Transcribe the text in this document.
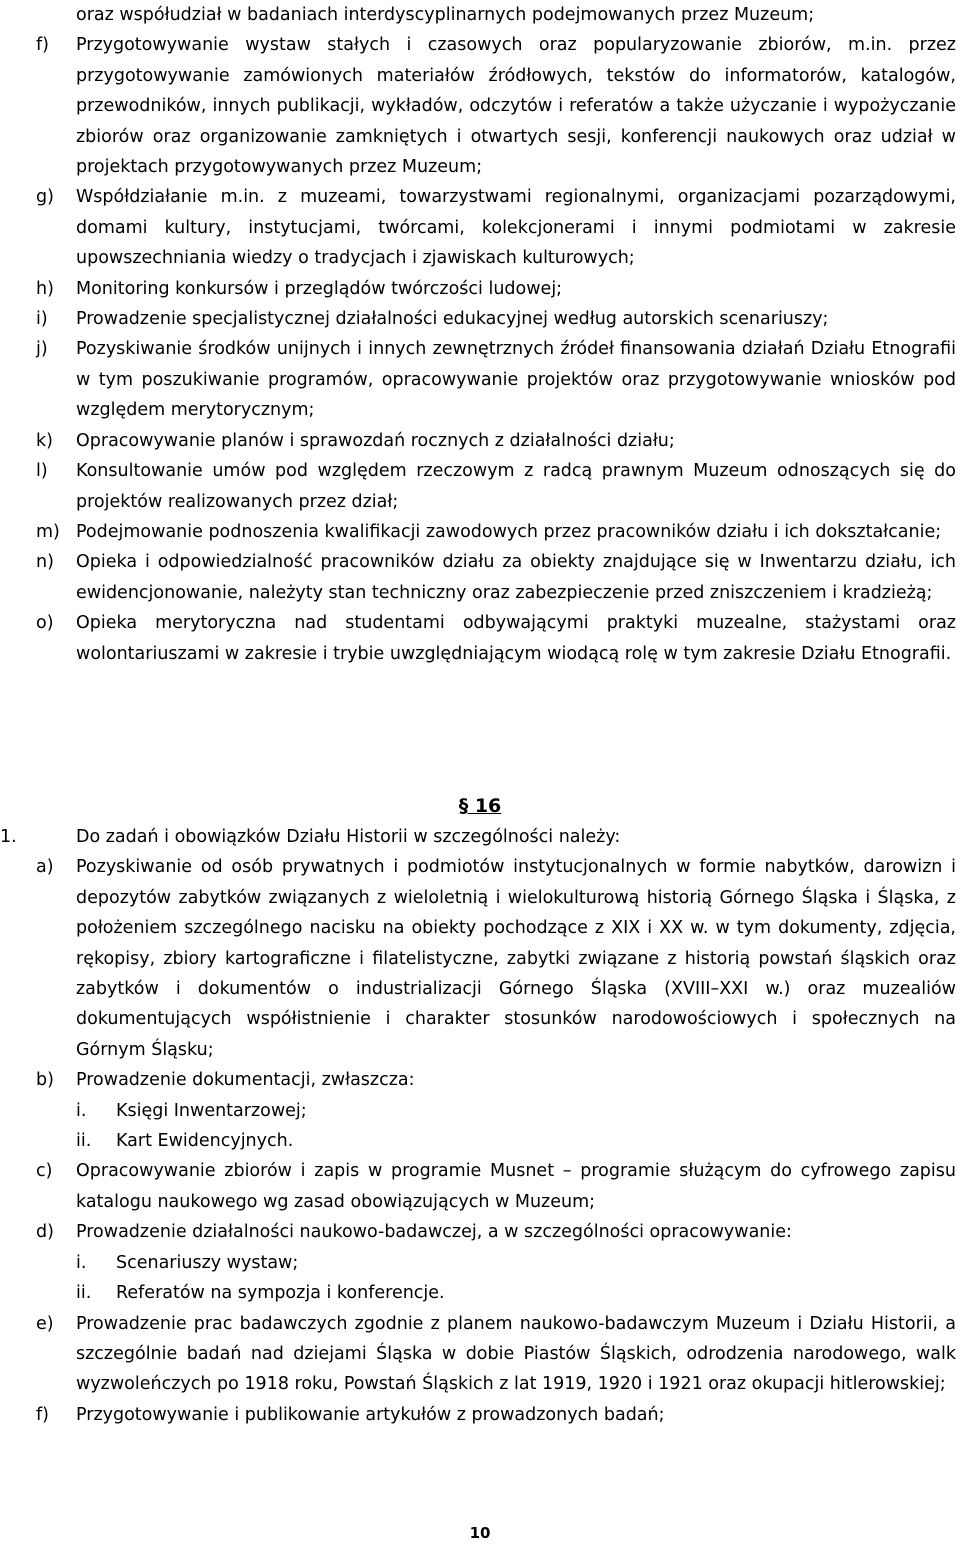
oraz współudział w badaniach interdyscyplinarnych podejmowanych przez Muzeum;
f) Przygotowywanie wystaw stałych i czasowych oraz popularyzowanie zbiorów, m.in. przez przygotowywanie zamówionych materiałów źródłowych, tekstów do informatorów, katalogów, przewodników, innych publikacji, wykładów, odczytów i referatów a także użyczanie i wypożyczanie zbiorów oraz organizowanie zamkniętych i otwartych sesji, konferencji naukowych oraz udział w projektach przygotowywanych przez Muzeum;
g) Współdziałanie m.in. z muzeami, towarzystwami regionalnymi, organizacjami pozarządowymi, domami kultury, instytucjami, twórcami, kolekcjonerami i innymi podmiotami w zakresie upowszechniania wiedzy o tradycjach i zjawiskach kulturowych;
h) Monitoring konkursów i przeglądów twórczości ludowej;
i) Prowadzenie specjalistycznej działalności edukacyjnej według autorskich scenariuszy;
j) Pozyskiwanie środków unijnych i innych zewnętrznych źródeł finansowania działań Działu Etnografii w tym poszukiwanie programów, opracowywanie projektów oraz przygotowywanie wniosków pod względem merytorycznym;
k) Opracowywanie planów i sprawozdań rocznych z działalności działu;
l) Konsultowanie umów pod względem rzeczowym z radcą prawnym Muzeum odnoszących się do projektów realizowanych przez dział;
m) Podejmowanie podnoszenia kwalifikacji zawodowych przez pracowników działu i ich dokształcanie;
n) Opieka i odpowiedzialność pracowników działu za obiekty znajdujące się w Inwentarzu działu, ich ewidencjonowanie, należyty stan techniczny oraz zabezpieczenie przed zniszczeniem i kradzieżą;
o) Opieka merytoryczna nad studentami odbywającymi praktyki muzealne, stażystami oraz wolontariuszami w zakresie i trybie uwzględniającym wiodącą rolę w tym zakresie Działu Etnografii.
§ 16
1.	Do zadań i obowiązków Działu Historii w szczególności należy:
a) Pozyskiwanie od osób prywatnych i podmiotów instytucjonalnych w formie nabytków, darowizn i depozytów zabytków związanych z wieloletnią i wielokulturową historią Górnego Śląska i Śląska, z położeniem szczególnego nacisku na obiekty pochodzące z XIX i XX w. w tym dokumenty, zdjęcia, rękopisy, zbiory kartograficzne i filatelistyczne, zabytki związane z historią powstań śląskich oraz zabytków i dokumentów o industrializacji Górnego Śląska (XVIII–XXI w.) oraz muzealiów dokumentujących współistnienie i charakter stosunków narodowościowych i społecznych na Górnym Śląsku;
b) Prowadzenie dokumentacji, zwłaszcza:
i. Księgi Inwentarzowej;
ii. Kart Ewidencyjnych.
c) Opracowywanie zbiorów i zapis w programie Musnet – programie służącym do cyfrowego zapisu katalogu naukowego wg zasad obowiązujących w Muzeum;
d) Prowadzenie działalności naukowo-badawczej, a w szczególności opracowywanie:
i. Scenariuszy wystaw;
ii. Referatów na sympozja i konferencje.
e) Prowadzenie prac badawczych zgodnie z planem naukowo-badawczym Muzeum i Działu Historii, a szczególnie badań nad dziejami Śląska w dobie Piastów Śląskich, odrodzenia narodowego, walk wyzwoleńczych po 1918 roku, Powstań Śląskich z lat 1919, 1920 i 1921 oraz okupacji hitlerowskiej;
f) Przygotowywanie i publikowanie artykułów z prowadzonych badań;
10
